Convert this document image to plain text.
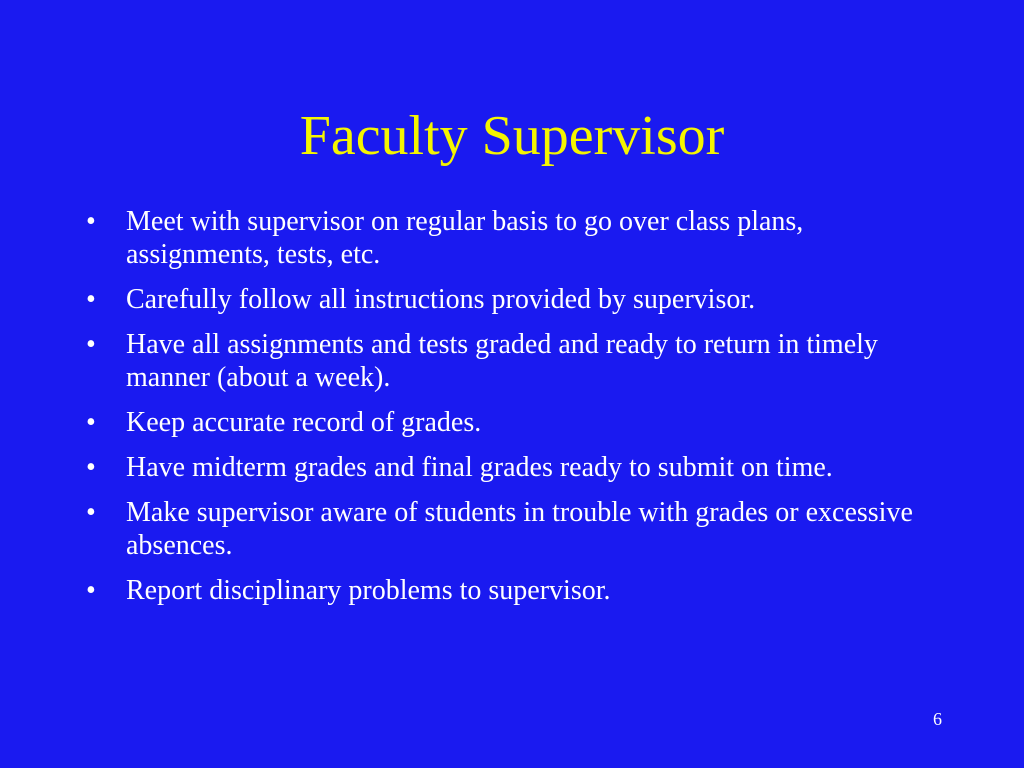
Faculty Supervisor
•	Meet with supervisor on regular basis to go over class plans, assignments, tests, etc.
•	Carefully follow all instructions provided by supervisor.
•	Have all assignments and tests graded and ready to return in timely manner (about a week).
•	Keep accurate record of grades.
•	Have midterm grades and final grades ready to submit on time.
•	Make supervisor aware of students in trouble with grades or excessive absences.
•	Report disciplinary problems to supervisor.
6
